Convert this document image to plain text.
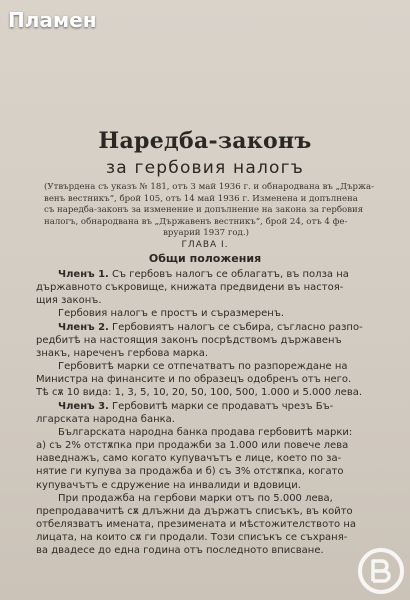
Пламен
Наредба-законъ
за гербовия налогъ
(Утвърдена съ указъ № 181, отъ 3 май 1936 г. и обнародвана въ „Държа-
венъ вестникъ“, брой 105, отъ 14 май 1936 г. Изменена и допълнена
съ наредба-законъ за изменение и допълнение на закона за гербовия
налогъ, обнародвана въ „Държавенъ вестникъ“, брой 24, отъ 4 фе-
вруарий 1937 год.)
ГЛАВА I.
Общи положения
Членъ 1. Съ гербовъ налогъ се облагатъ, въ полза на
държавното съкровище, книжата предвидени въ настоя-
щия законъ.
Гербовия налогъ е простъ и съразмеренъ.
Членъ 2. Гербовиятъ налогъ се събира, съгласно разпо-
редбитѣ на настоящия законъ посрѣдствомъ държавенъ
знакъ, нареченъ гербова марка.
Гербовитѣ марки се отпечатватъ по разпореждане на
Министра на финансите и по образецъ одобренъ отъ него.
Тѣ сѫ 10 вида: 1, 3, 5, 10, 20, 50, 100, 500, 1.000 и 5.000 лева.
Членъ 3. Гербовитѣ марки се продаватъ чрезъ Бъ-
лгарската народна банка.
Българската народна банка продава гербовитѣ марки:
а) съ 2% отстѫпка при продажби за 1.000 или повече лева
наведнажъ, само когато купувачътъ е лице, което по за-
нятие ги купува за продажба и б) съ 3% отстѫпка, когато
купувачътъ е сдружение на инвалиди и вдовици.
При продажба на гербови марки отъ по 5.000 лева,
препродавачитѣ сѫ длъжни да държатъ списъкъ, въ който
отбелязватъ имената, презимената и мѣстожителството на
лицата, на които сѫ ги продали. Този списъкъ се съхраня-
ва двадесе до една година отъ последното вписване.
